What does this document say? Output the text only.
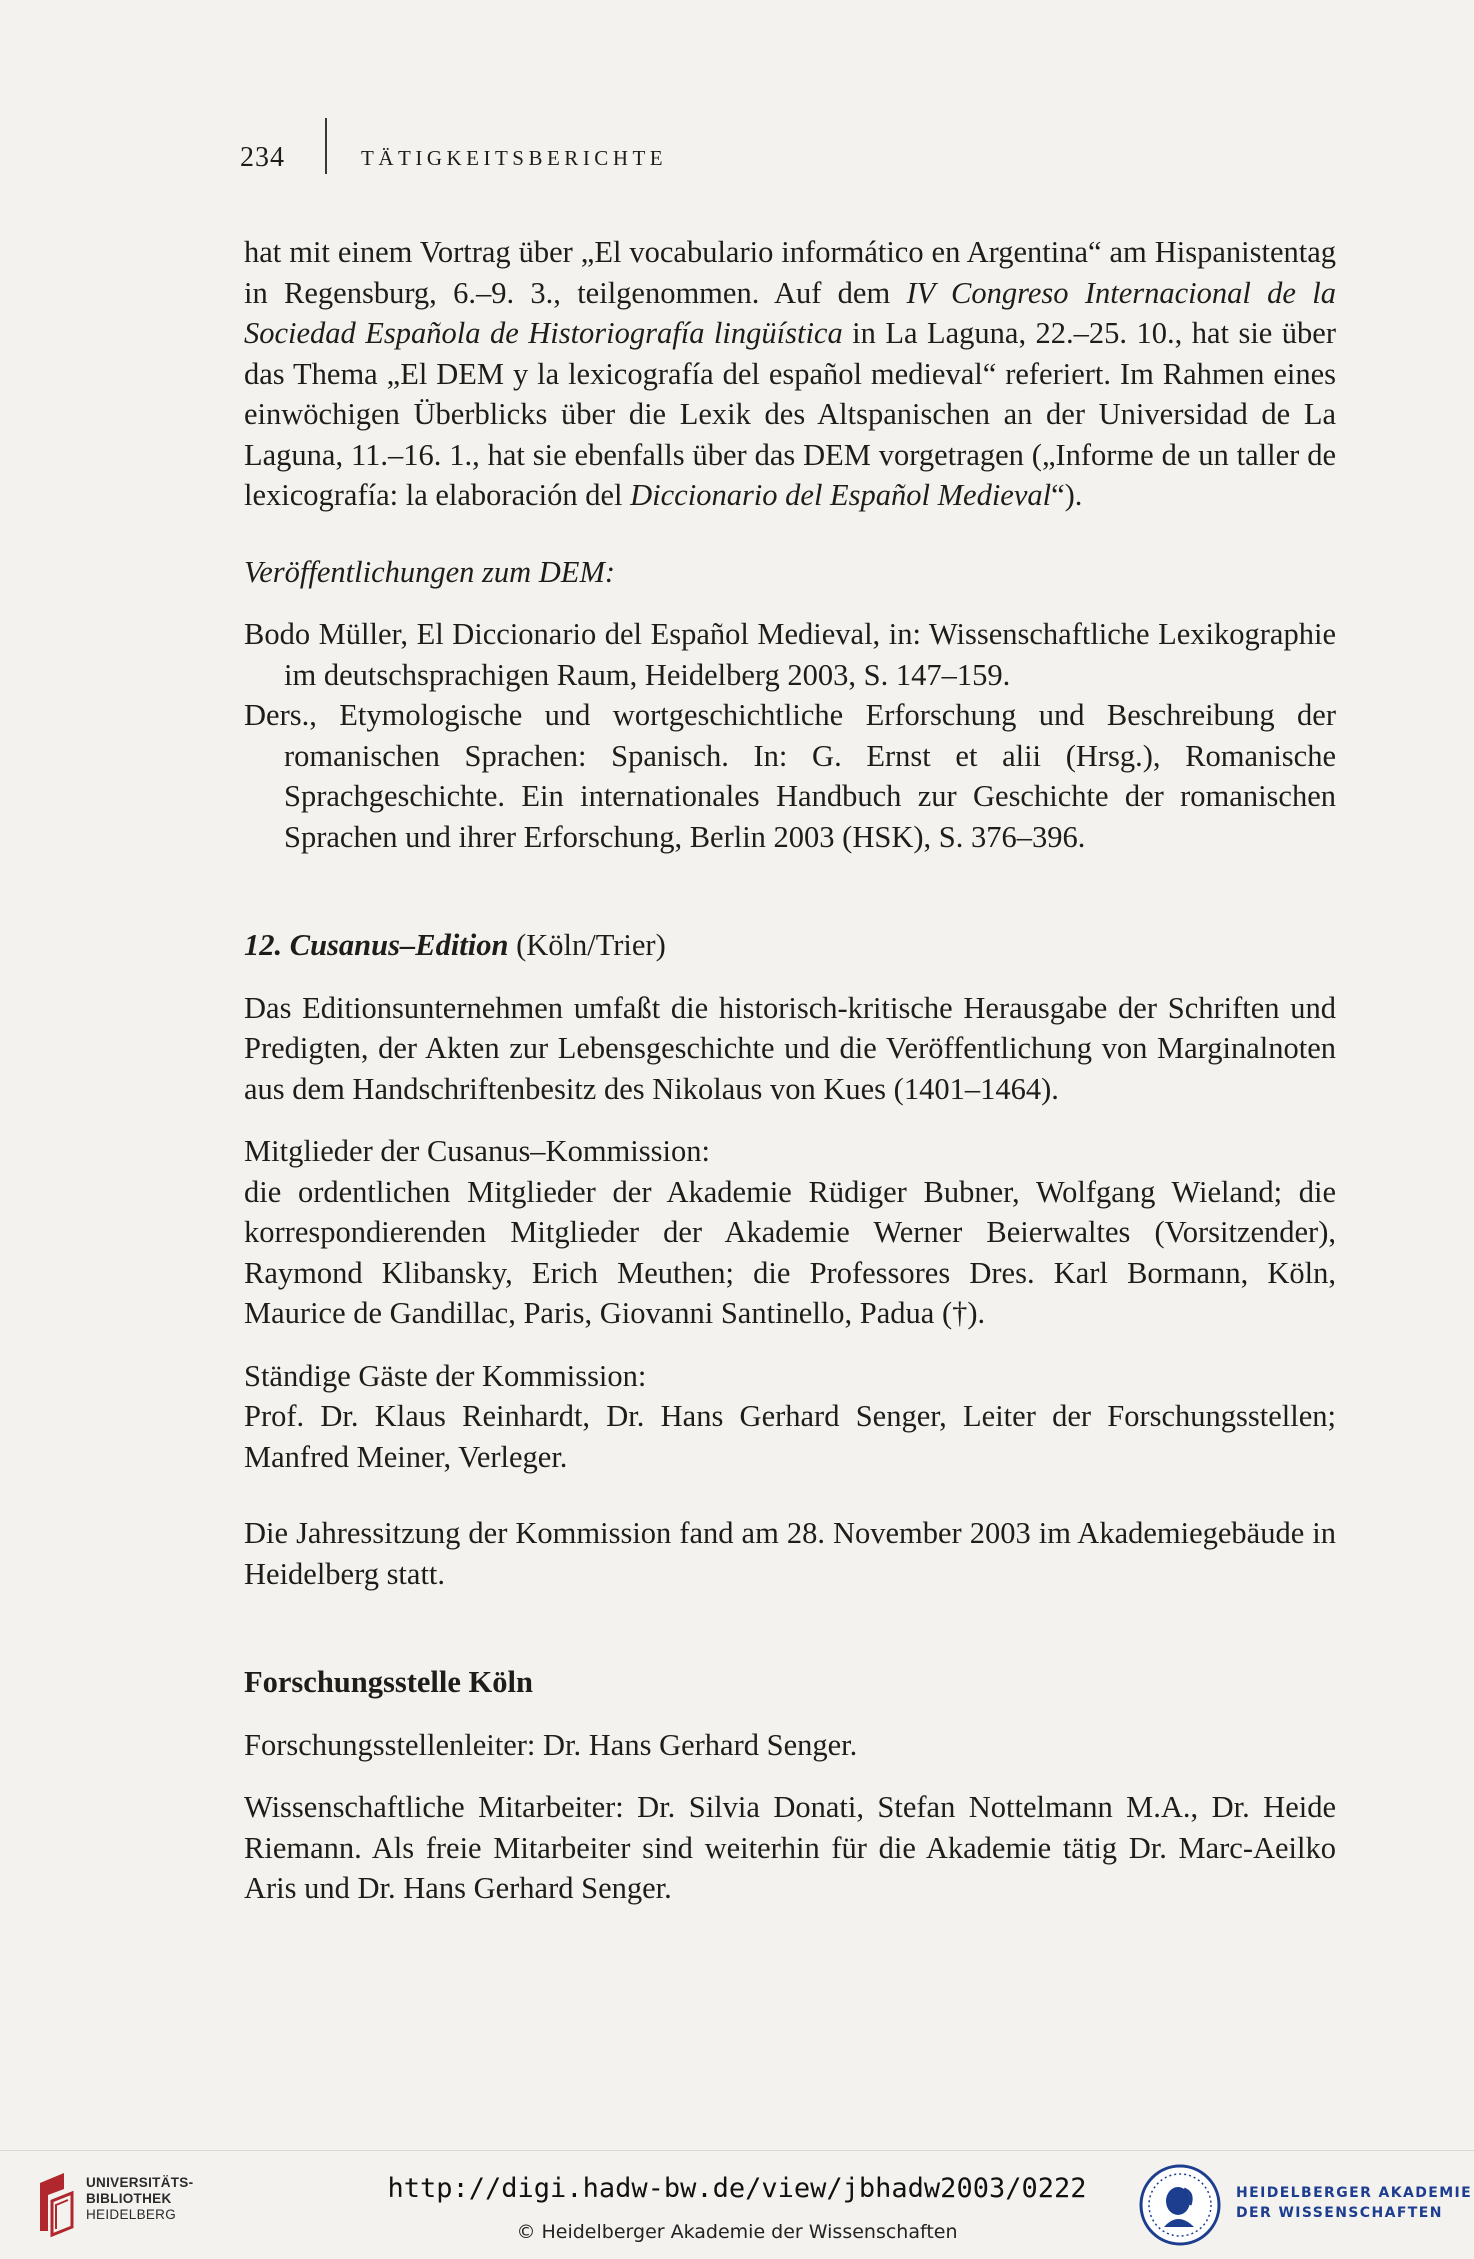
234	TÄTIGKEITSBERICHTE

hat mit einem Vortrag über „El vocabulario informático en Argentina“ am Hispanistentag in Regensburg, 6.–9. 3., teilgenommen. Auf dem IV Congreso Internacional de la Sociedad Española de Historiografía lingüística in La Laguna, 22.–25. 10., hat sie über das Thema „El DEM y la lexicografía del español medieval“ referiert. Im Rahmen eines einwöchigen Überblicks über die Lexik des Altspanischen an der Universidad de La Laguna, 11.–16. 1., hat sie ebenfalls über das DEM vorgetragen („Informe de un taller de lexicografía: la elaboración del Diccionario del Español Medieval“).

Veröffentlichungen zum DEM:

Bodo Müller, El Diccionario del Español Medieval, in: Wissenschaftliche Lexikographie im deutschsprachigen Raum, Heidelberg 2003, S. 147–159.

Ders., Etymologische und wortgeschichtliche Erforschung und Beschreibung der romanischen Sprachen: Spanisch. In: G. Ernst et alii (Hrsg.), Romanische Sprachgeschichte. Ein internationales Handbuch zur Geschichte der romanischen Sprachen und ihrer Erforschung, Berlin 2003 (HSK), S. 376–396.

12. Cusanus–Edition (Köln/Trier)

Das Editionsunternehmen umfaßt die historisch-kritische Herausgabe der Schriften und Predigten, der Akten zur Lebensgeschichte und die Veröffentlichung von Marginalnoten aus dem Handschriftenbesitz des Nikolaus von Kues (1401–1464).

Mitglieder der Cusanus–Kommission:

die ordentlichen Mitglieder der Akademie Rüdiger Bubner, Wolfgang Wieland; die korrespondierenden Mitglieder der Akademie Werner Beierwaltes (Vorsitzender), Raymond Klibansky, Erich Meuthen; die Professores Dres. Karl Bormann, Köln, Maurice de Gandillac, Paris, Giovanni Santinello, Padua (†).

Ständige Gäste der Kommission:

Prof. Dr. Klaus Reinhardt, Dr. Hans Gerhard Senger, Leiter der Forschungsstellen; Manfred Meiner, Verleger.

Die Jahressitzung der Kommission fand am 28. November 2003 im Akademiegebäude in Heidelberg statt.

Forschungsstelle Köln

Forschungsstellenleiter: Dr. Hans Gerhard Senger.

Wissenschaftliche Mitarbeiter: Dr. Silvia Donati, Stefan Nottelmann M.A., Dr. Heide Riemann. Als freie Mitarbeiter sind weiterhin für die Akademie tätig Dr. Marc-Aeilko Aris und Dr. Hans Gerhard Senger.

UNIVERSITÄTS-
BIBLIOTHEK
HEIDELBERG
http://digi.hadw-bw.de/view/jbhadw2003/0222
© Heidelberger Akademie der Wissenschaften
HEIDELBERGER AKADEMIE
DER WISSENSCHAFTEN
